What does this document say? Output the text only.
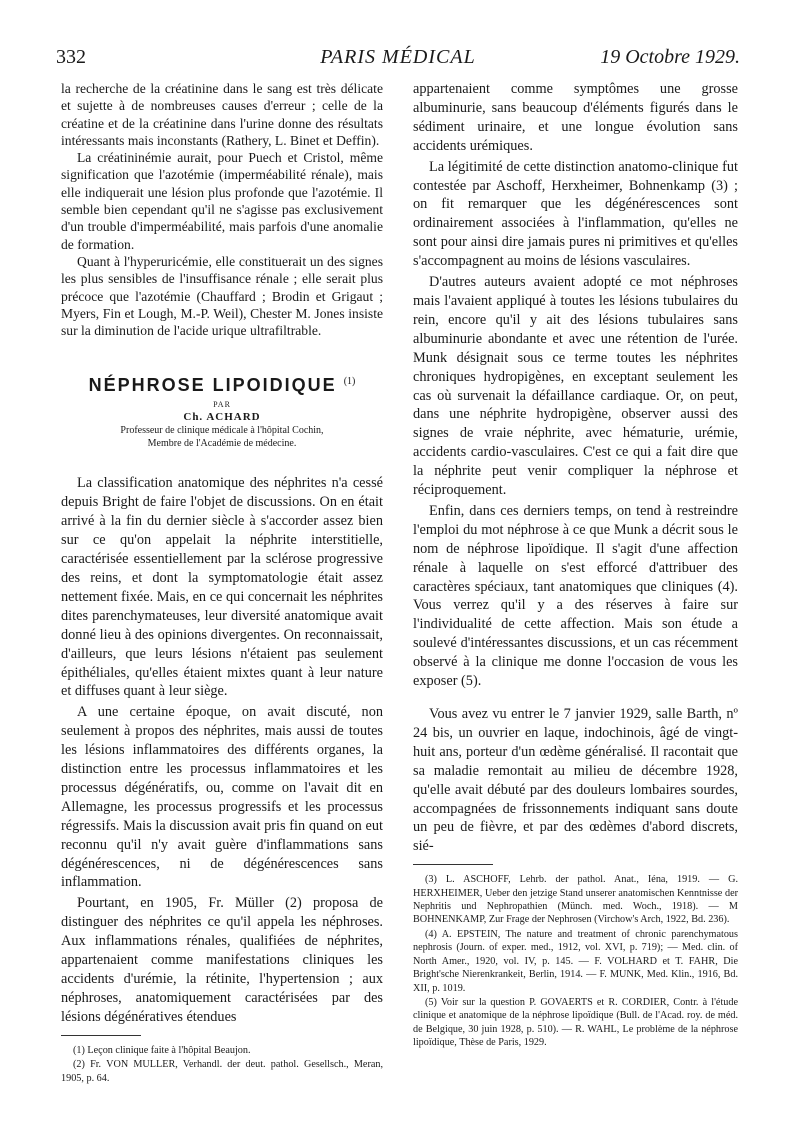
332	PARIS MÉDICAL	19 Octobre 1929.

la recherche de la créatinine dans le sang est très délicate et sujette à de nombreuses causes d'erreur ; celle de la créatine et de la créatinine dans l'urine donne des résultats intéressants mais inconstants (Rathery, L. Binet et Deffin).

La créatininémie aurait, pour Puech et Cristol, même signification que l'azotémie (imperméabilité rénale), mais elle indiquerait une lésion plus profonde que l'azotémie. Il semble bien cependant qu'il ne s'agisse pas exclusivement d'un trouble d'imperméabilité, mais parfois d'une anomalie de formation.

Quant à l'hyperuricémie, elle constituerait un des signes les plus sensibles de l'insuffisance rénale ; elle serait plus précoce que l'azotémie (Chauffard ; Brodin et Grigaut ; Myers, Fin et Lough, M.-P. Weil), Chester M. Jones insiste sur la diminution de l'acide urique ultrafiltrable.

NÉPHROSE LIPOIDIQUE $^{(1)}$
PAR
Ch. ACHARD
Professeur de clinique médicale à l'hôpital Cochin,
Membre de l'Académie de médecine.

La classification anatomique des néphrites n'a cessé depuis Bright de faire l'objet de discussions. On en était arrivé à la fin du dernier siècle à s'accorder assez bien sur ce qu'on appelait la néphrite interstitielle, caractérisée essentiellement par la sclérose progressive des reins, et dont la symptomatologie était assez nettement fixée. Mais, en ce qui concernait les néphrites dites parenchymateuses, leur diversité anatomique avait donné lieu à des opinions divergentes. On reconnaissait, d'ailleurs, que leurs lésions n'étaient pas seulement épithéliales, qu'elles étaient mixtes quant à leur nature et diffuses quant à leur siège.

A une certaine époque, on avait discuté, non seulement à propos des néphrites, mais aussi de toutes les lésions inflammatoires des différents organes, la distinction entre les processus inflammatoires et les processus dégénératifs, ou, comme on l'avait dit en Allemagne, les processus progressifs et les processus régressifs. Mais la discussion avait pris fin quand on eut reconnu qu'il n'y avait guère d'inflammations sans dégénérescences, ni de dégénérescences sans inflammation.

Pourtant, en 1905, Fr. Müller (2) proposa de distinguer des néphrites ce qu'il appela les néphroses. Aux inflammations rénales, qualifiées de néphrites, appartenaient comme manifestations cliniques les accidents d'urémie, la rétinite, l'hypertension ; aux néphroses, anatomiquement caractérisées par des lésions dégénératives étendues

(1) Leçon clinique faite à l'hôpital Beaujon.

(2) Fr. VON MULLER, Verhandl. der deut. pathol. Gesellsch., Meran, 1905, p. 64.

appartenaient comme symptômes une grosse albuminurie, sans beaucoup d'éléments figurés dans le sédiment urinaire, et une longue évolution sans accidents urémiques.

La légitimité de cette distinction anatomo-clinique fut contestée par Aschoff, Herxheimer, Bohnenkamp (3) ; on fit remarquer que les dégénérescences sont ordinairement associées à l'inflammation, qu'elles ne sont pour ainsi dire jamais pures ni primitives et qu'elles s'accompagnent au moins de lésions vasculaires.

D'autres auteurs avaient adopté ce mot néphroses mais l'avaient appliqué à toutes les lésions tubulaires du rein, encore qu'il y ait des lésions tubulaires sans albuminurie abondante et avec une rétention de l'urée. Munk désignait sous ce terme toutes les néphrites chroniques hydropigènes, en exceptant seulement les cas où survenait la défaillance cardiaque. Or, on peut, dans une néphrite hydropigène, observer aussi des signes de vraie néphrite, avec hématurie, urémie, accidents cardio-vasculaires. C'est ce qui a fait dire que la néphrite peut venir compliquer la néphrose et réciproquement.

Enfin, dans ces derniers temps, on tend à restreindre l'emploi du mot néphrose à ce que Munk a décrit sous le nom de néphrose lipoïdique. Il s'agit d'une affection rénale à laquelle on s'est efforcé d'attribuer des caractères spéciaux, tant anatomiques que cliniques (4). Vous verrez qu'il y a des réserves à faire sur l'individualité de cette affection. Mais son étude a soulevé d'intéressantes discussions, et un cas récemment observé à la clinique me donne l'occasion de vous les exposer (5).

Vous avez vu entrer le 7 janvier 1929, salle Barth, nº 24 bis, un ouvrier en laque, indochinois, âgé de vingt-huit ans, porteur d'un œdème généralisé. Il racontait que sa maladie remontait au milieu de décembre 1928, qu'elle avait débuté par des douleurs lombaires sourdes, accompagnées de frissonnements indiquant sans doute un peu de fièvre, et par des œdèmes d'abord discrets, sié-

(3) L. ASCHOFF, Lehrb. der pathol. Anat., Iéna, 1919. — G. HERXHEIMER, Ueber den jetzige Stand unserer anatomischen Kenntnisse der Nephritis und Nephropathien (Münch. med. Woch., 1918). — M BOHNENKAMP, Zur Frage der Nephrosen (Virchow's Arch, 1922, Bd. 236).

(4) A. EPSTEIN, The nature and treatment of chronic parenchymatous nephrosis (Journ. of exper. med., 1912, vol. XVI, p. 719); — Med. clin. of North Amer., 1920, vol. IV, p. 145. — F. VOLHARD et T. FAHR, Die Bright'sche Nierenkrankeit, Berlin, 1914. — F. MUNK, Med. Klin., 1916, Bd. XII, p. 1019.

(5) Voir sur la question P. GOVAERTS et R. CORDIER, Contr. à l'étude clinique et anatomique de la néphrose lipoïdique (Bull. de l'Acad. roy. de méd. de Belgique, 30 juin 1928, p. 510). — R. WAHL, Le problème de la néphrose lipoïdique, Thèse de Paris, 1929.
